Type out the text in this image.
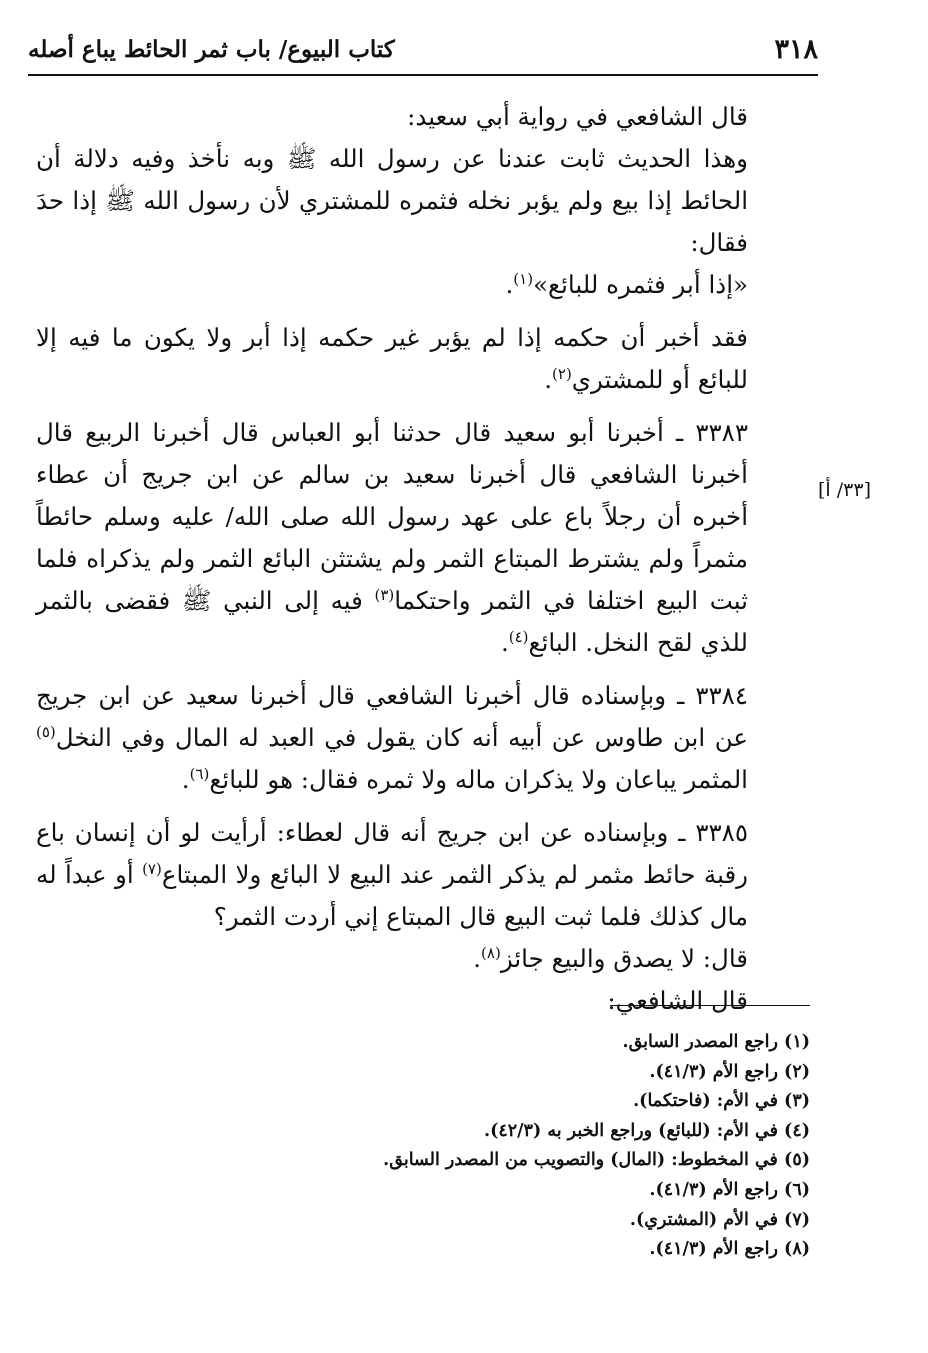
٣١٨
كتاب البيوع/ باب ثمر الحائط يباع أصله
[٣٣/ أ]

قال الشافعي في رواية أبي سعيد:

وهذا الحديث ثابت عندنا عن رسول الله ﷺ وبه نأخذ وفيه دلالة أن الحائط إذا بيع ولم يؤبر نخله فثمره للمشتري لأن رسول الله ﷺ إذا حدَ فقال:

«إذا أبر فثمره للبائع»$^{(١)}$.

فقد أخبر أن حكمه إذا لم يؤبر غير حكمه إذا أبر ولا يكون ما فيه إلا للبائع أو للمشتري$^{(٢)}$.

٣٣٨٣ ـ أخبرنا أبو سعيد قال حدثنا أبو العباس قال أخبرنا الربيع قال أخبرنا الشافعي قال أخبرنا سعيد بن سالم عن ابن جريج أن عطاء أخبره أن رجلاً باع على عهد رسول الله صلى الله/ عليه وسلم حائطاً مثمراً ولم يشترط المبتاع الثمر ولم يشتثن البائع الثمر ولم يذكراه فلما ثبت البيع اختلفا في الثمر واحتكما$^{(٣)}$ فيه إلى النبي ﷺ فقضى بالثمر للذي لقح النخل. البائع$^{(٤)}$.

٣٣٨٤ ـ وبإسناده قال أخبرنا الشافعي قال أخبرنا سعيد عن ابن جريج عن ابن طاوس عن أبيه أنه كان يقول في العبد له المال وفي النخل$^{(٥)}$ المثمر يباعان ولا يذكران ماله ولا ثمره فقال: هو للبائع$^{(٦)}$.

٣٣٨٥ ـ وبإسناده عن ابن جريج أنه قال لعطاء: أرأيت لو أن إنسان باع رقبة حائط مثمر لم يذكر الثمر عند البيع لا البائع ولا المبتاع$^{(٧)}$ أو عبداً له مال كذلك فلما ثبت البيع قال المبتاع إني أردت الثمر؟

قال: لا يصدق والبيع جائز$^{(٨)}$.

قال الشافعي:

(١) راجع المصدر السابق.
(٢) راجع الأم (٤١/٣).
(٣) في الأم: (فاحتكما).
(٤) في الأم: (للبائع) وراجع الخبر به (٤٢/٣).
(٥) في المخطوط: (المال) والتصويب من المصدر السابق.
(٦) راجع الأم (٤١/٣).
(٧) في الأم (المشتري).
(٨) راجع الأم (٤١/٣).
